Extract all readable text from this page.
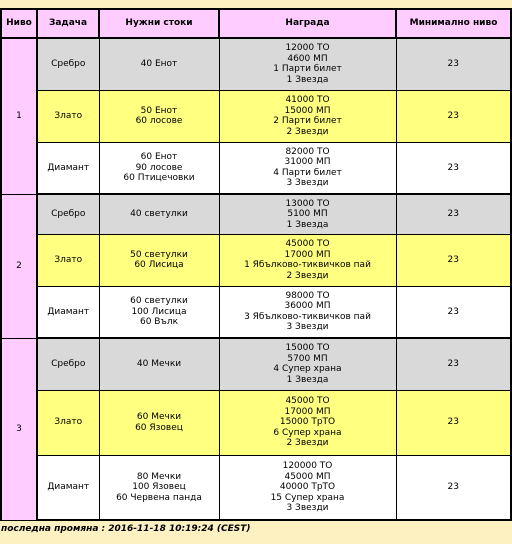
Ниво	Задача	Нужни стоки	Награда	Минимално ниво
1	Сребро	40 Енот	12000 ТО
4600 МП
1 Парти билет
1 Звезда	23
	Злато	50 Енот
60 лосове	41000 ТО
15000 МП
2 Парти билет
2 Звезди	23
	Диамант	60 Енот
90 лосове
60 Птицечовки	82000 ТО
31000 МП
4 Парти билет
3 Звезди	23
2	Сребро	40 светулки	13000 ТО
5100 МП
1 Звезда	23
	Злато	50 светулки
60 Лисица	45000 ТО
17000 МП
1 Ябълково-тиквичков пай
2 Звезди	23
	Диамант	60 светулки
100 Лисица
60 Вълк	98000 ТО
36000 МП
3 Ябълково-тиквичков пай
3 Звезди	23
3	Сребро	40 Мечки	15000 ТО
5700 МП
4 Супер храна
1 Звезда	23
	Злато	60 Мечки
60 Язовец	45000 ТО
17000 МП
15000 ТрТО
6 Супер храна
2 Звезди	23
	Диамант	80 Мечки
100 Язовец
60 Червена панда	120000 ТО
45000 МП
40000 ТрТО
15 Супер храна
3 Звезди	23
последна промяна : 2016-11-18 10:19:24 (CEST)
